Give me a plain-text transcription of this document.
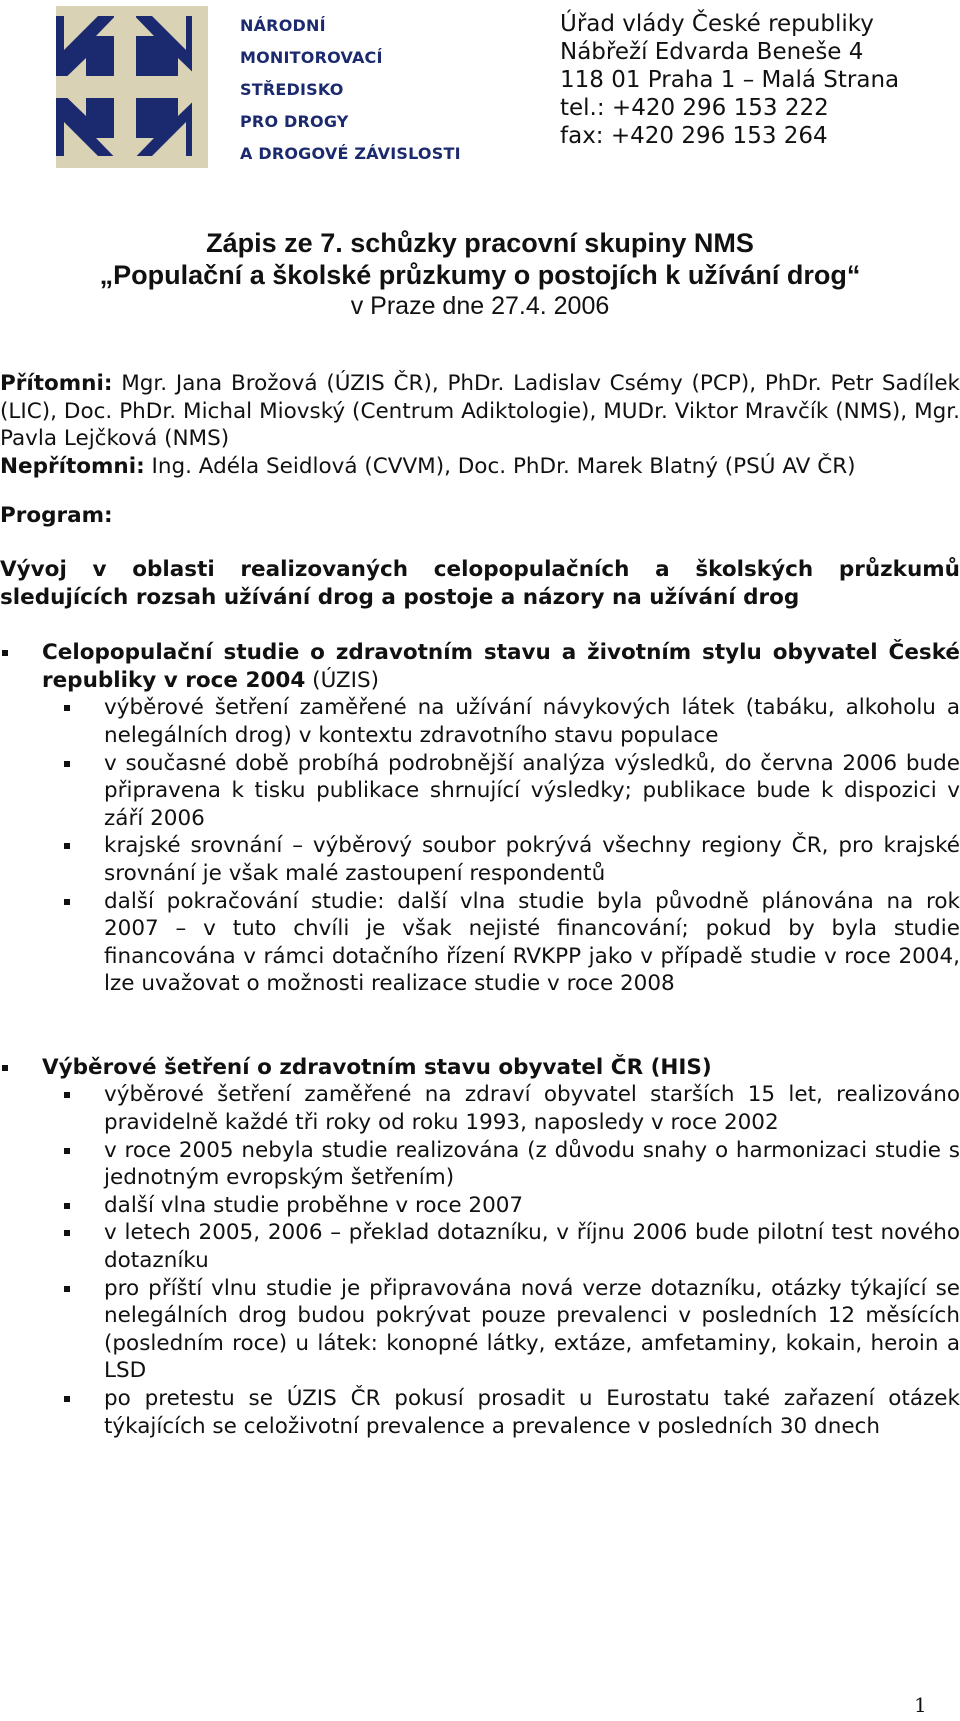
NÁRODNÍ
MONITOROVACÍ
STŘEDISKO
PRO DROGY
A DROGOVÉ ZÁVISLOSTI
Úřad vlády České republiky
Nábřeží Edvarda Beneše 4
118 01 Praha 1 – Malá Strana
tel.: +420 296 153 222
fax: +420 296 153 264
Zápis ze 7. schůzky pracovní skupiny NMS
„Populační a školské průzkumy o postojích k užívání drog“
v Praze dne 27.4. 2006

Přítomni: Mgr. Jana Brožová (ÚZIS ČR), PhDr. Ladislav Csémy (PCP), PhDr. Petr Sadílek (LIC), Doc. PhDr. Michal Miovský (Centrum Adiktologie), MUDr. Viktor Mravčík (NMS), Mgr. Pavla Lejčková (NMS)

Nepřítomni: Ing. Adéla Seidlová (CVVM), Doc. PhDr. Marek Blatný (PSÚ AV ČR)

Program:

Vývoj v oblasti realizovaných celopopulačních a školských průzkumů sledujících rozsah užívání drog a postoje a názory na užívání drog

Celopopulační studie o zdravotním stavu a životním stylu obyvatel České republiky v roce 2004 (ÚZIS)
výběrové šetření zaměřené na užívání návykových látek (tabáku, alkoholu a nelegálních drog) v kontextu zdravotního stavu populace
v současné době probíhá podrobnější analýza výsledků, do června 2006 bude připravena k tisku publikace shrnující výsledky; publikace bude k dispozici v září 2006
krajské srovnání – výběrový soubor pokrývá všechny regiony ČR, pro krajské srovnání je však malé zastoupení respondentů
další pokračování studie: další vlna studie byla původně plánována na rok 2007 – v tuto chvíli je však nejisté financování; pokud by byla studie financována v rámci dotačního řízení RVKPP jako v případě studie v roce 2004, lze uvažovat o možnosti realizace studie v roce 2008
Výběrové šetření o zdravotním stavu obyvatel ČR (HIS)
výběrové šetření zaměřené na zdraví obyvatel starších 15 let, realizováno pravidelně každé tři roky od roku 1993, naposledy v roce 2002
v roce 2005 nebyla studie realizována (z důvodu snahy o harmonizaci studie s jednotným evropským šetřením)
další vlna studie proběhne v roce 2007
v letech 2005, 2006 – překlad dotazníku, v říjnu 2006 bude pilotní test nového dotazníku
pro příští vlnu studie je připravována nová verze dotazníku, otázky týkající se nelegálních drog budou pokrývat pouze prevalenci v posledních 12 měsících (posledním roce) u látek: konopné látky, extáze, amfetaminy, kokain, heroin a LSD
po pretestu se ÚZIS ČR pokusí prosadit u Eurostatu také zařazení otázek týkajících se celoživotní prevalence a prevalence v posledních 30 dnech
1
